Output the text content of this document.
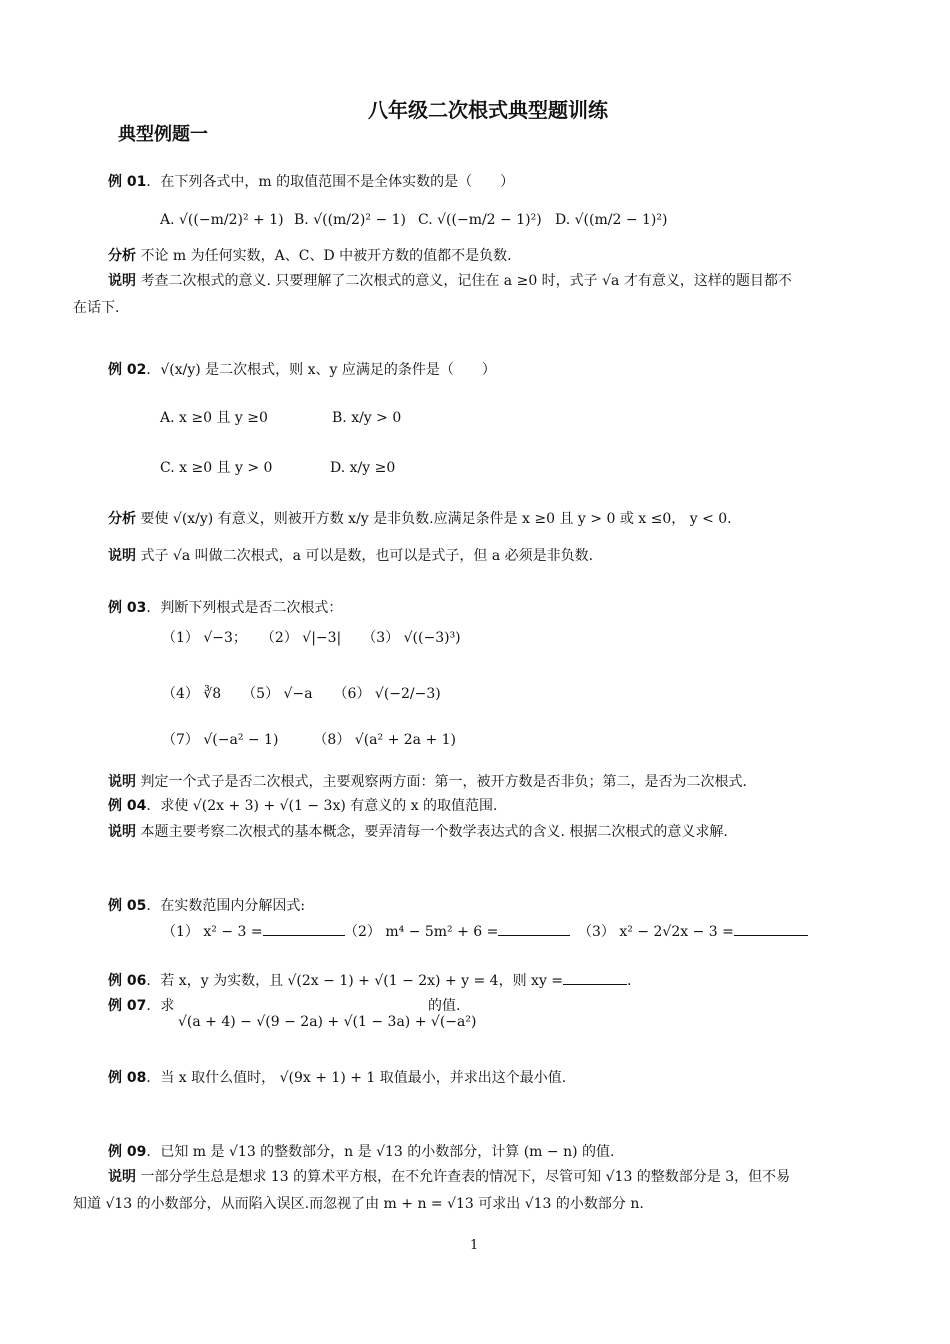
八年级二次根式典型题训练
典型例题一
例 01．在下列各式中，m 的取值范围不是全体实数的是（　　）
A. √((−m/2)² + 1) B. √((m/2)² − 1) C. √((−m/2 − 1)²) D. √((m/2 − 1)²)
分析 不论 m 为任何实数，A、C、D 中被开方数的值都不是负数.
说明 考查二次根式的意义. 只要理解了二次根式的意义，记住在 a ≥0 时，式子 √a 才有意义，这样的题目都不
在话下.
例 02．√(x/y) 是二次根式，则 x、y 应满足的条件是（　　）
A. x ≥0 且 y ≥0	B. x/y > 0
C. x ≥0 且 y > 0	D. x/y ≥0
分析 要使 √(x/y) 有意义，则被开方数 x/y 是非负数.应满足条件是 x ≥0 且 y > 0 或 x ≤0， y < 0.
说明 式子 √a 叫做二次根式，a 可以是数，也可以是式子，但 a 必须是非负数.
例 03．判断下列根式是否二次根式：
（1） √−3；　　（2） √|−3|　　（3） √((−3)³)
（4） ∛8　　（5） √−a　　（6） √(−2/−3)
（7） √(−a² − 1)　　　（8） √(a² + 2a + 1)
说明 判定一个式子是否二次根式，主要观察两方面：第一，被开方数是否非负；第二，是否为二次根式.
例 04．求使 √(2x + 3) + √(1 − 3x) 有意义的 x 的取值范围.
说明 本题主要考察二次根式的基本概念，要弄清每一个数学表达式的含义. 根据二次根式的意义求解.
例 05．在实数范围内分解因式:
（1） x² − 3 =	（2） m⁴ − 5m² + 6 =	（3） x² − 2√2x − 3 =
例 06．若 x，y 为实数，且 √(2x − 1) + √(1 − 2x) + y = 4，则 xy =	.
例 07．求
√(a + 4) − √(9 − 2a) + √(1 − 3a) + √(−a²)
的值.
例 08．当 x 取什么值时， √(9x + 1) + 1 取值最小，并求出这个最小值.
例 09．已知 m 是 √13 的整数部分，n 是 √13 的小数部分，计算 (m − n) 的值.
说明 一部分学生总是想求 13 的算术平方根，在不允许查表的情况下，尽管可知 √13 的整数部分是 3，但不易
知道 √13 的小数部分，从而陷入误区.而忽视了由 m + n = √13 可求出 √13 的小数部分 n.
1
